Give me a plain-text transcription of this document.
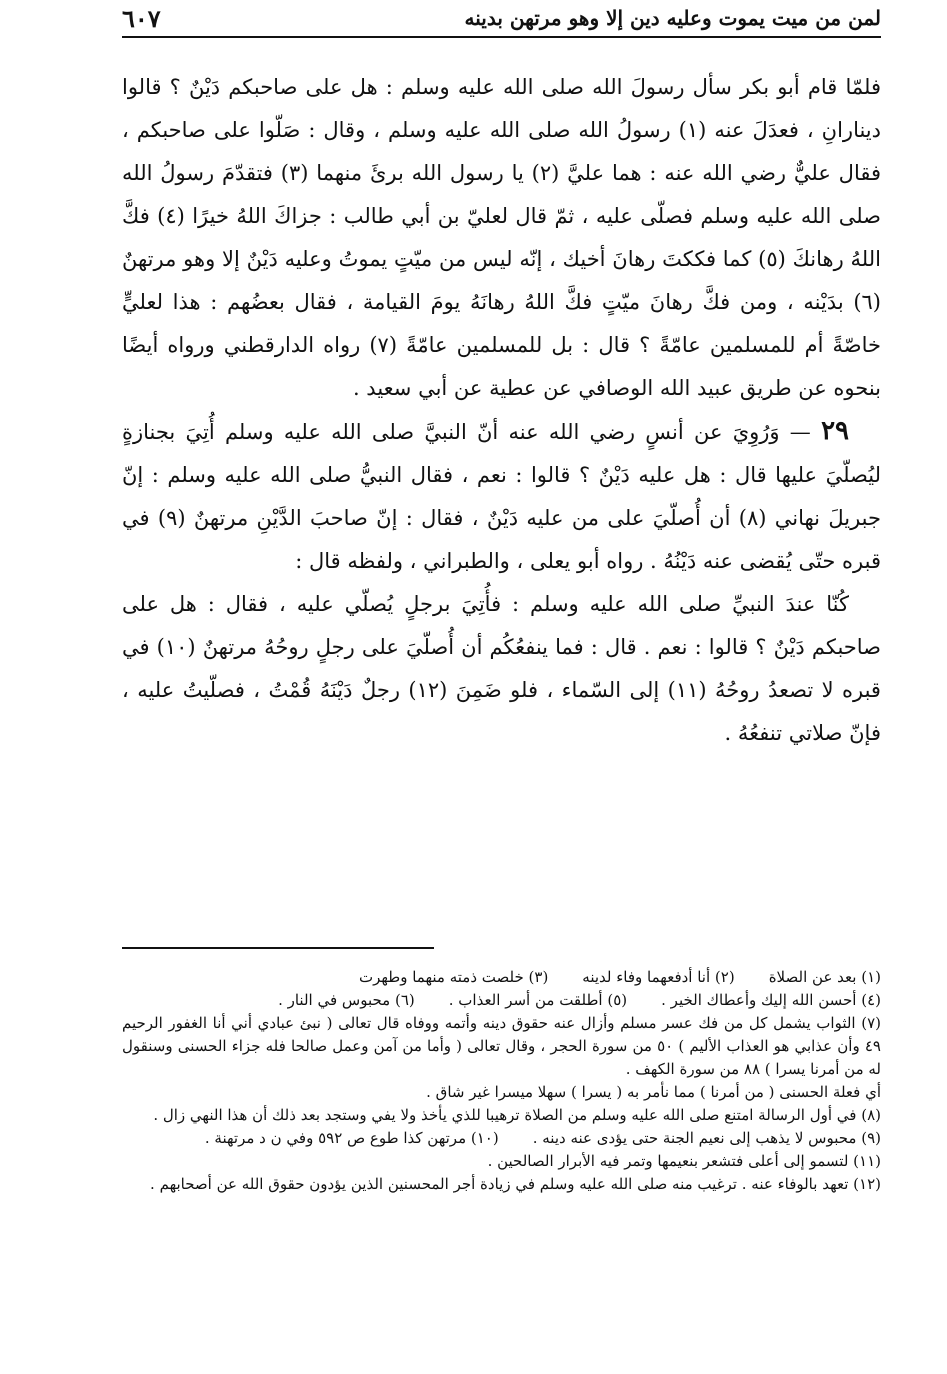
٦٠٧	لمن من ميت يموت وعليه دين إلا وهو مرتهن بدينه

فلمّا قام أبو بكر سأل رسولَ الله صلى الله عليه وسلم : هل على صاحبكم دَيْنٌ ؟ قالوا دينارانِ ، فعدَلَ عنه (١) رسولُ الله صلى الله عليه وسلم ، وقال : صَلّوا على صاحبكم ، فقال عليٌّ رضي الله عنه : هما عليَّ (٢) يا رسول الله برئَ منهما (٣) فتقدّمَ رسولُ الله صلى الله عليه وسلم فصلّى عليه ، ثمّ قال لعليّ بن أبي طالب : جزاكَ اللهُ خيرًا (٤) فكَّ اللهُ رهانكَ (٥) كما فككتَ رهانَ أخيك ، إنّه ليس من ميّتٍ يموتُ وعليه دَيْنٌ إلا وهو مرتهنٌ (٦) بدَيْنه ، ومن فكَّ رهانَ ميّتٍ فكَّ اللهُ رهانَهُ يومَ القيامة ، فقال بعضُهم : هذا لعليٍّ خاصّةً أم للمسلمين عامّةً ؟ قال : بل للمسلمين عامّةً (٧) رواه الدارقطني ورواه أيضًا بنحوه عن طريق عبيد الله الوصافي عن عطية عن أبي سعيد .

٢٩ — وَرُوِيَ عن أنسٍ رضي الله عنه أنّ النبيَّ صلى الله عليه وسلم أُتِيَ بجنازةٍ ليُصلّيَ عليها قال : هل عليه دَيْنٌ ؟ قالوا : نعم ، فقال النبيُّ صلى الله عليه وسلم : إنّ جبريلَ نهاني (٨) أن أُصلّيَ على من عليه دَيْنٌ ، فقال : إنّ صاحبَ الدَّيْنِ مرتهنٌ (٩) في قبره حتّى يُقضى عنه دَيْنُهُ . رواه أبو يعلى ، والطبراني ، ولفظه قال :

كُنّا عندَ النبيِّ صلى الله عليه وسلم : فأُتِيَ برجلٍ يُصلّي عليه ، فقال : هل على صاحبكم دَيْنٌ ؟ قالوا : نعم . قال : فما ينفعُكُم أن أُصلّيَ على رجلٍ روحُهُ مرتهنٌ (١٠) في قبره لا تصعدُ روحُهُ (١١) إلى السّماء ، فلو ضَمِنَ (١٢) رجلٌ دَيْنَهُ قُمْتُ ، فصلّيتُ عليه ، فإنّ صلاتي تنفعُهُ .

(١) بعد عن الصلاة
(٢) أنا أدفعهما وفاء لدينه
(٣) خلصت ذمته منهما وطهرت
(٤) أحسن الله إليك وأعطاك الخير .
(٥) أطلقت من أسر العذاب .
(٦) محبوس في النار .

(٧) الثواب يشمل كل من فك عسر مسلم وأزال عنه حقوق دينه وأتمه ووفاه قال تعالى ( نبئ عبادي أني أنا الغفور الرحيم ٤٩ وأن عذابي هو العذاب الأليم ) ٥٠ من سورة الحجر ، وقال تعالى ( وأما من آمن وعمل صالحا فله جزاء الحسنى وسنقول له من أمرنا يسرا ) ٨٨ من سورة الكهف .

أي فعلة الحسنى ( من أمرنا ) مما نأمر به ( يسرا ) سهلا ميسرا غير شاق .

(٨) في أول الرسالة امتنع صلى الله عليه وسلم من الصلاة ترهيبا للذي يأخذ ولا يفي وستجد بعد ذلك أن هذا النهي زال .

(٩) محبوس لا يذهب إلى نعيم الجنة حتى يؤدى عنه دينه .
(١٠) مرتهن كذا طوع ص ٥٩٢ وفي ن د مرتهنة .
(١١) لتسمو إلى أعلى فتشعر بنعيمها وتمر فيه الأبرار الصالحين .

(١٢) تعهد بالوفاء عنه . ترغيب منه صلى الله عليه وسلم في زيادة أجر المحسنين الذين يؤدون حقوق الله عن أصحابهم .
